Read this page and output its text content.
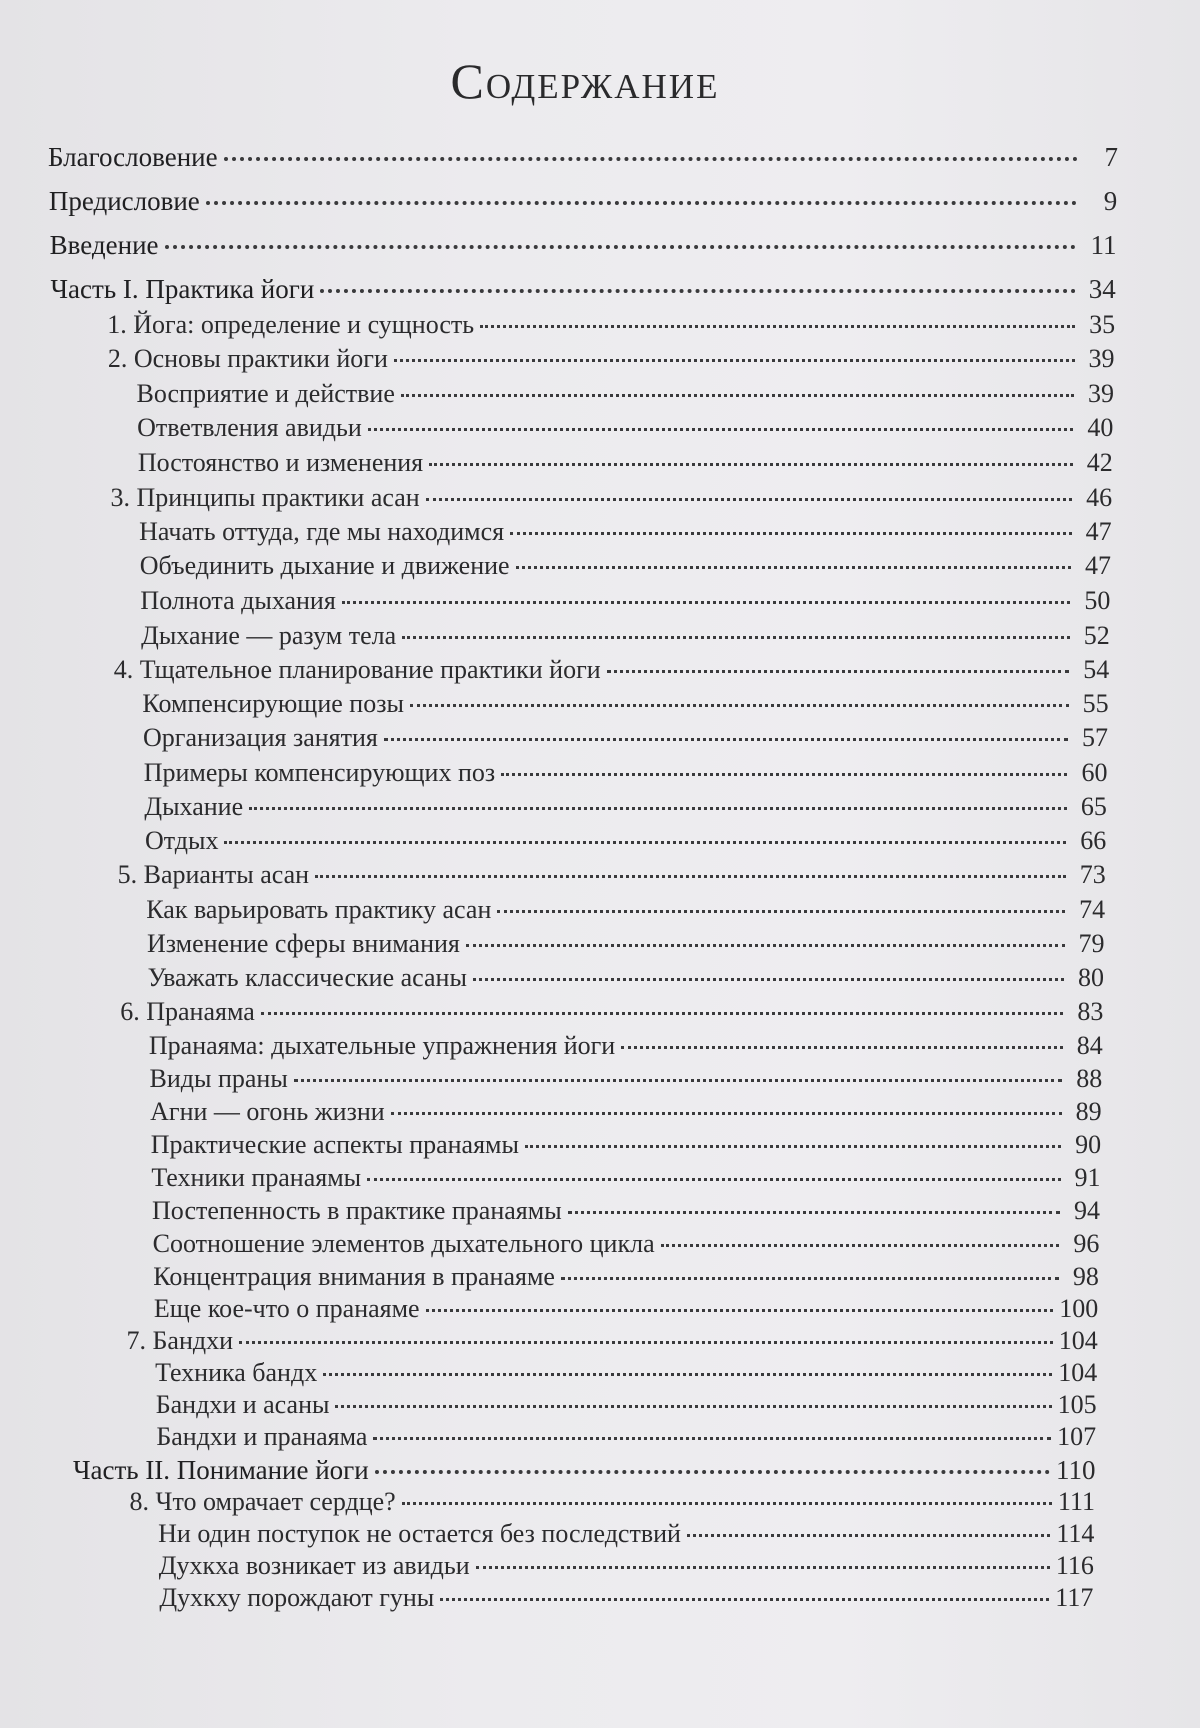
Содержание
Благословение	7
Предисловие	9
Введение	11
Часть I. Практика йоги	34
1. Йога: определение и сущность	35
2. Основы практики йоги	39
Восприятие и действие	39
Ответвления авидьи	40
Постоянство и изменения	42
3. Принципы практики асан	46
Начать оттуда, где мы находимся	47
Объединить дыхание и движение	47
Полнота дыхания	50
Дыхание — разум тела	52
4. Тщательное планирование практики йоги	54
Компенсирующие позы	55
Организация занятия	57
Примеры компенсирующих поз	60
Дыхание	65
Отдых	66
5. Варианты асан	73
Как варьировать практику асан	74
Изменение сферы внимания	79
Уважать классические асаны	80
6. Пранаяма	83
Пранаяма: дыхательные упражнения йоги	84
Виды праны	88
Агни — огонь жизни	89
Практические аспекты пранаямы	90
Техники пранаямы	91
Постепенность в практике пранаямы	94
Соотношение элементов дыхательного цикла	96
Концентрация внимания в пранаяме	98
Еще кое-что о пранаяме	100
7. Бандхи	104
Техника бандх	104
Бандхи и асаны	105
Бандхи и пранаяма	107
Часть II. Понимание йоги	110
8. Что омрачает сердце?	111
Ни один поступок не остается без последствий	114
Духкха возникает из авидьи	116
Духкху порождают гуны	117
